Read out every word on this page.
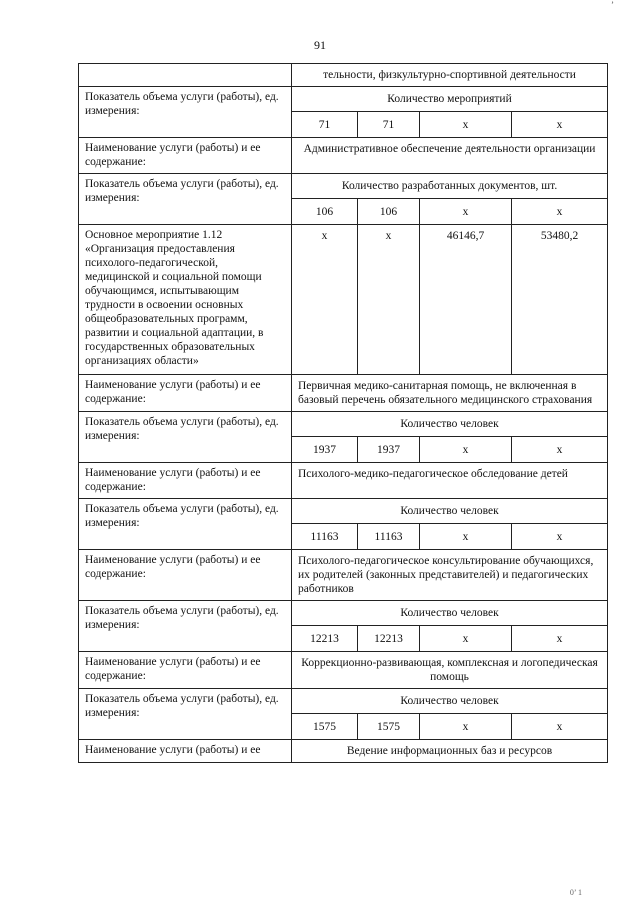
’
91
	тельности, физкультурно-спортивной деятельности			
Показатель объема услуги (работы), ед. измерения:	Количество мероприятий			
	71	71	х	х
Наименование услуги (работы) и ее содержание:	Административное обеспечение деятельности организации			
Показатель объема услуги (работы), ед. измерения:	Количество разработанных документов, шт.			
	106	106	х	х
Основное мероприятие 1.12 «Организация предоставления психолого-педагогической, медицинской и социальной помощи обучающимся, испытывающим трудности в освоении основных общеобразовательных программ, развитии и социальной адаптации, в государственных образовательных организациях области»	х	х	46146,7	53480,2
Наименование услуги (работы) и ее содержание:	Первичная медико-санитарная помощь, не включенная в базовый перечень обязательного медицинского страхования			
Показатель объема услуги (работы), ед. измерения:	Количество человек			
	1937	1937	х	х
Наименование услуги (работы) и ее содержание:	Психолого-медико-педагогическое обследование детей			
Показатель объема услуги (работы), ед. измерения:	Количество человек			
	11163	11163	х	х
Наименование услуги (работы) и ее содержание:	Психолого-педагогическое консультирование обучающихся, их родителей (законных представителей) и педагогических работников			
Показатель объема услуги (работы), ед. измерения:	Количество человек			
	12213	12213	х	х
Наименование услуги (работы) и ее содержание:	Коррекционно-развивающая, комплексная и логопедическая помощь			
Показатель объема услуги (работы), ед. измерения:	Количество человек			
	1575	1575	х	х
Наименование услуги (работы) и ее	Ведение информационных баз и ресурсов			
0’ 1
